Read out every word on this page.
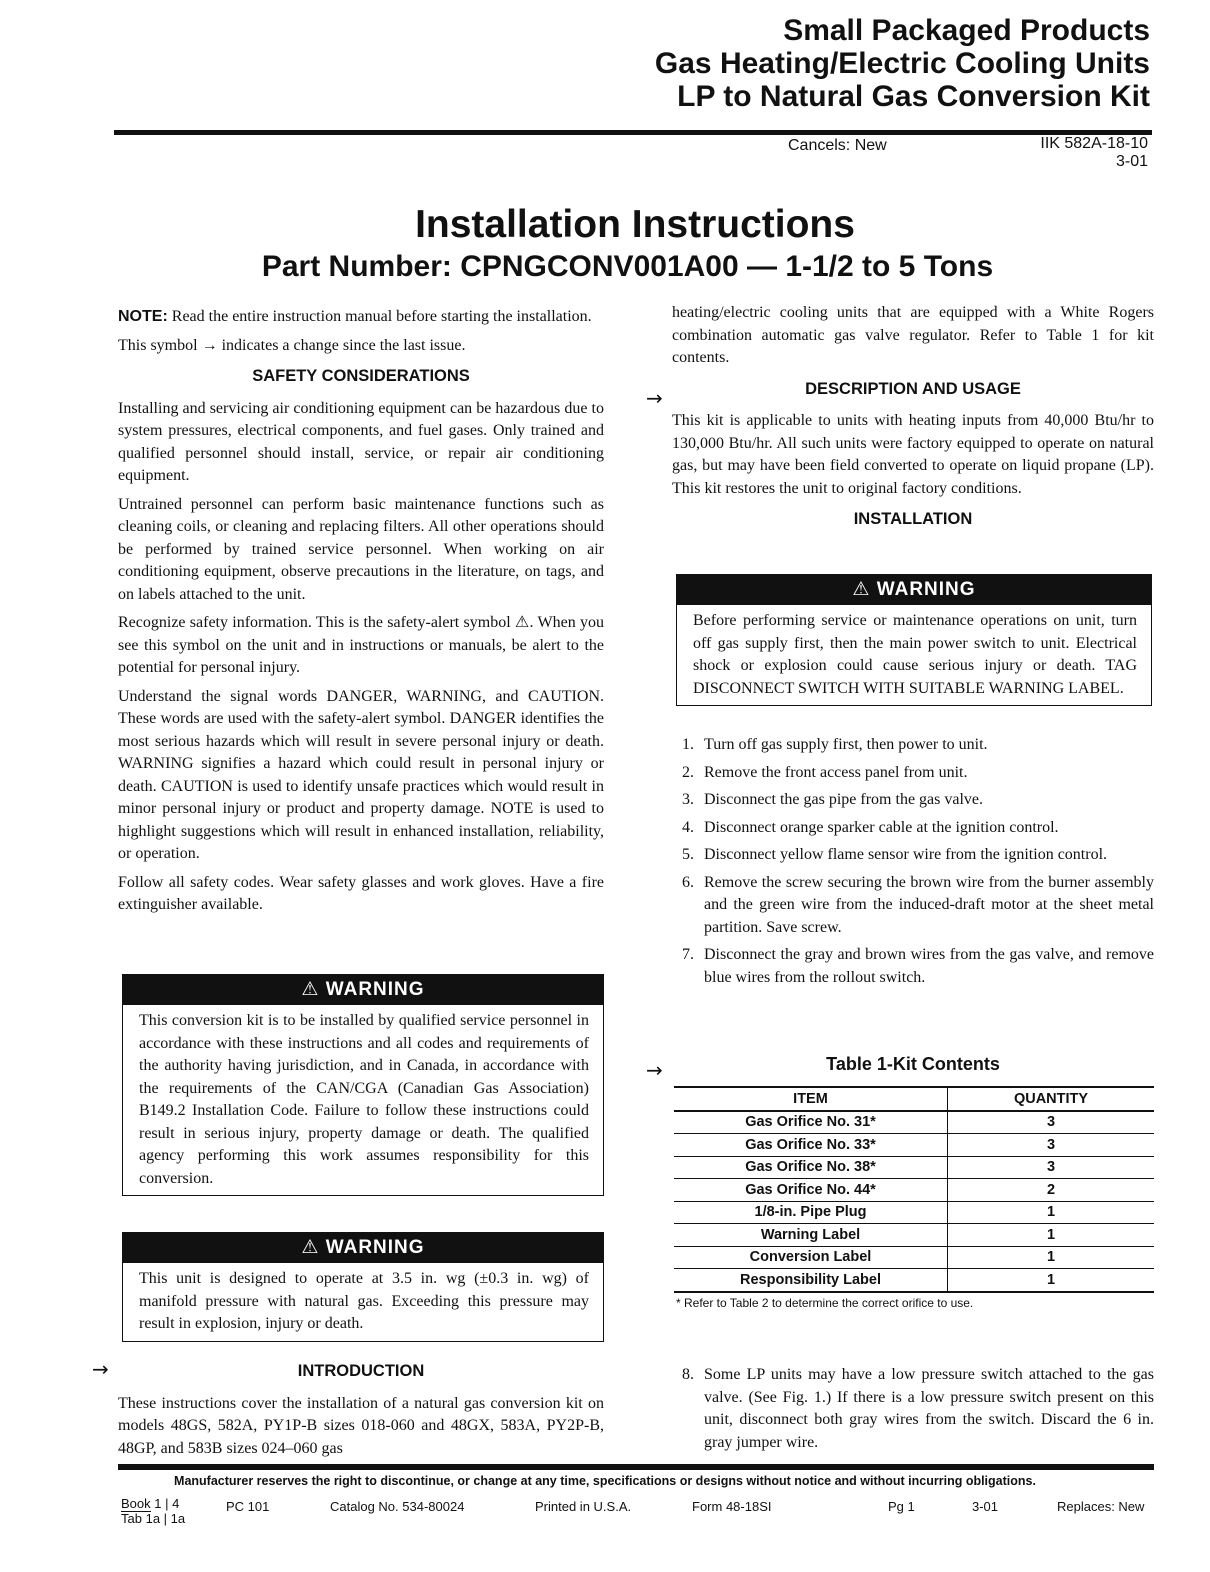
Small Packaged Products
Gas Heating/Electric Cooling Units
LP to Natural Gas Conversion Kit
Cancels: New	IIK 582A-18-10
3-01
Installation Instructions
Part Number: CPNGCONV001A00 — 1-1/2 to 5 Tons

NOTE: Read the entire instruction manual before starting the installation.

This symbol → indicates a change since the last issue.

SAFETY CONSIDERATIONS

Installing and servicing air conditioning equipment can be hazardous due to system pressures, electrical components, and fuel gases. Only trained and qualified personnel should install, service, or repair air conditioning equipment.

Untrained personnel can perform basic maintenance functions such as cleaning coils, or cleaning and replacing filters. All other operations should be performed by trained service personnel. When working on air conditioning equipment, observe precautions in the literature, on tags, and on labels attached to the unit.

Recognize safety information. This is the safety-alert symbol ⚠. When you see this symbol on the unit and in instructions or manuals, be alert to the potential for personal injury.

Understand the signal words DANGER, WARNING, and CAUTION. These words are used with the safety-alert symbol. DANGER identifies the most serious hazards which will result in severe personal injury or death. WARNING signifies a hazard which could result in personal injury or death. CAUTION is used to identify unsafe practices which would result in minor personal injury or product and property damage. NOTE is used to highlight suggestions which will result in enhanced installation, reliability, or operation.

Follow all safety codes. Wear safety glasses and work gloves. Have a fire extinguisher available.

⚠ WARNING
This conversion kit is to be installed by qualified service personnel in accordance with these instructions and all codes and requirements of the authority having jurisdiction, and in Canada, in accordance with the requirements of the CAN/CGA (Canadian Gas Association) B149.2 Installation Code. Failure to follow these instructions could result in serious injury, property damage or death. The qualified agency performing this work assumes responsibility for this conversion.
⚠ WARNING
This unit is designed to operate at 3.5 in. wg (±0.3 in. wg) of manifold pressure with natural gas. Exceeding this pressure may result in explosion, injury or death.
→	INTRODUCTION

These instructions cover the installation of a natural gas conversion kit on models 48GS, 582A, PY1P-B sizes 018-060 and 48GX, 583A, PY2P-B, 48GP, and 583B sizes 024–060 gas

heating/electric cooling units that are equipped with a White Rogers combination automatic gas valve regulator. Refer to Table 1 for kit contents.

DESCRIPTION AND USAGE

This kit is applicable to units with heating inputs from 40,000 Btu/hr to 130,000 Btu/hr. All such units were factory equipped to operate on natural gas, but may have been field converted to operate on liquid propane (LP). This kit restores the unit to original factory conditions.

INSTALLATION
→
⚠ WARNING
Before performing service or maintenance operations on unit, turn off gas supply first, then the main power switch to unit. Electrical shock or explosion could cause serious injury or death. TAG DISCONNECT SWITCH WITH SUITABLE WARNING LABEL.
1. Turn off gas supply first, then power to unit.
2. Remove the front access panel from unit.
3. Disconnect the gas pipe from the gas valve.
4. Disconnect orange sparker cable at the ignition control.
5. Disconnect yellow flame sensor wire from the ignition control.
6. Remove the screw securing the brown wire from the burner assembly and the green wire from the induced-draft motor at the sheet metal partition. Save screw.
7. Disconnect the gray and brown wires from the gas valve, and remove blue wires from the rollout switch.
→	Table 1-Kit Contents
ITEM	QUANTITY
Gas Orifice No. 31*	3
Gas Orifice No. 33*	3
Gas Orifice No. 38*	3
Gas Orifice No. 44*	2
1/8-in. Pipe Plug	1
Warning Label	1
Conversion Label	1
Responsibility Label	1
* Refer to Table 2 to determine the correct orifice to use.
8. Some LP units may have a low pressure switch attached to the gas valve. (See Fig. 1.) If there is a low pressure switch present on this unit, disconnect both gray wires from the switch. Discard the 6 in. gray jumper wire.
Manufacturer reserves the right to discontinue, or change at any time, specifications or designs without notice and without incurring obligations.
Book 1 | 4
Tab 1a | 1a
PC 101	Catalog No. 534-80024	Printed in U.S.A.	Form 48-18SI	Pg 1	3-01	Replaces: New
